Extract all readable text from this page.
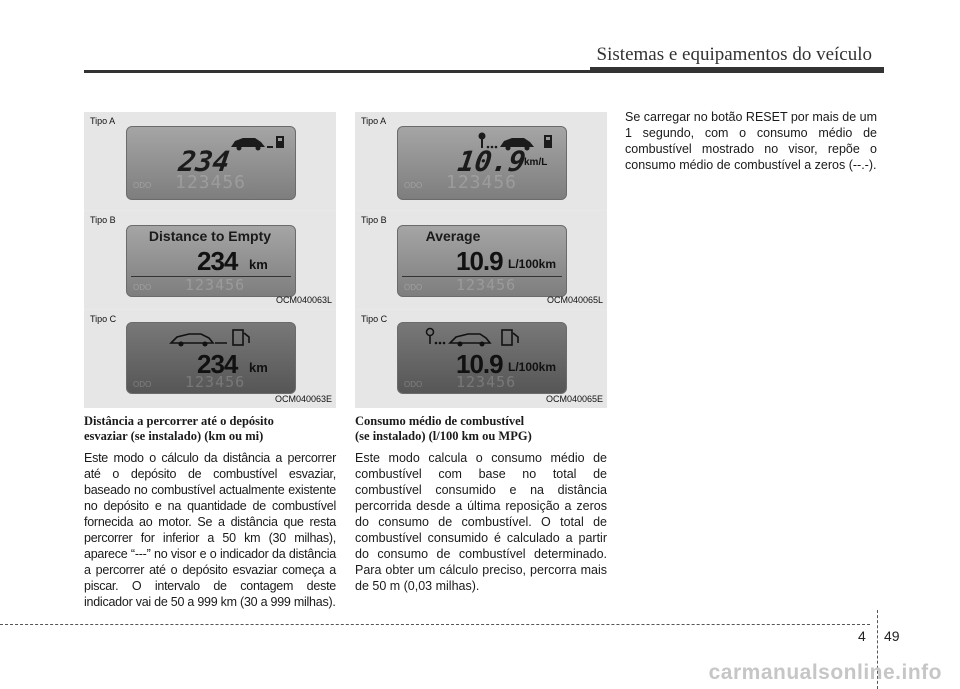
Sistemas e equipamentos do veículo
Tipo A
234
ODO 123456
Tipo B
Distance to Empty
234 km
ODO 123456
OCM040063L
Tipo C
234 km
ODO 123456
OCM040063E
Tipo A
10.9
km/L
ODO 123456
Tipo B
Average
10.9 L/100km
ODO 123456
OCM040065L
Tipo C
10.9 L/100km
ODO 123456
OCM040065E
Distância a percorrer até o depósito
esvaziar (se instalado) (km ou mi)
Este modo o cálculo da distância a percorrer até o depósito de combustível esvaziar, baseado no combustível actualmente existente no depósito e na quantidade de combustível fornecida ao motor. Se a distância que resta percorrer for inferior a 50 km (30 milhas), aparece “---” no visor e o indicador da distância a percorrer até o depósito esvaziar começa a piscar. O intervalo de contagem deste indicador vai de 50 a 999 km (30 a 999 milhas).
Consumo médio de combustível
(se instalado) (l/100 km ou MPG)
Este modo calcula o consumo médio de combustível com base no total de combustível consumido e na distância percorrida desde a última reposição a zeros do consumo de combustível. O total de combustível consumido é calculado a partir do consumo de combustível determinado. Para obter um cálculo preciso, percorra mais de 50 m (0,03 milhas).
Se carregar no botão RESET por mais de um 1 segundo, com o consumo médio de combustível mostrado no visor, repõe o consumo médio de combustível a zeros (--.-).
4 49
carmanualsonline.info
